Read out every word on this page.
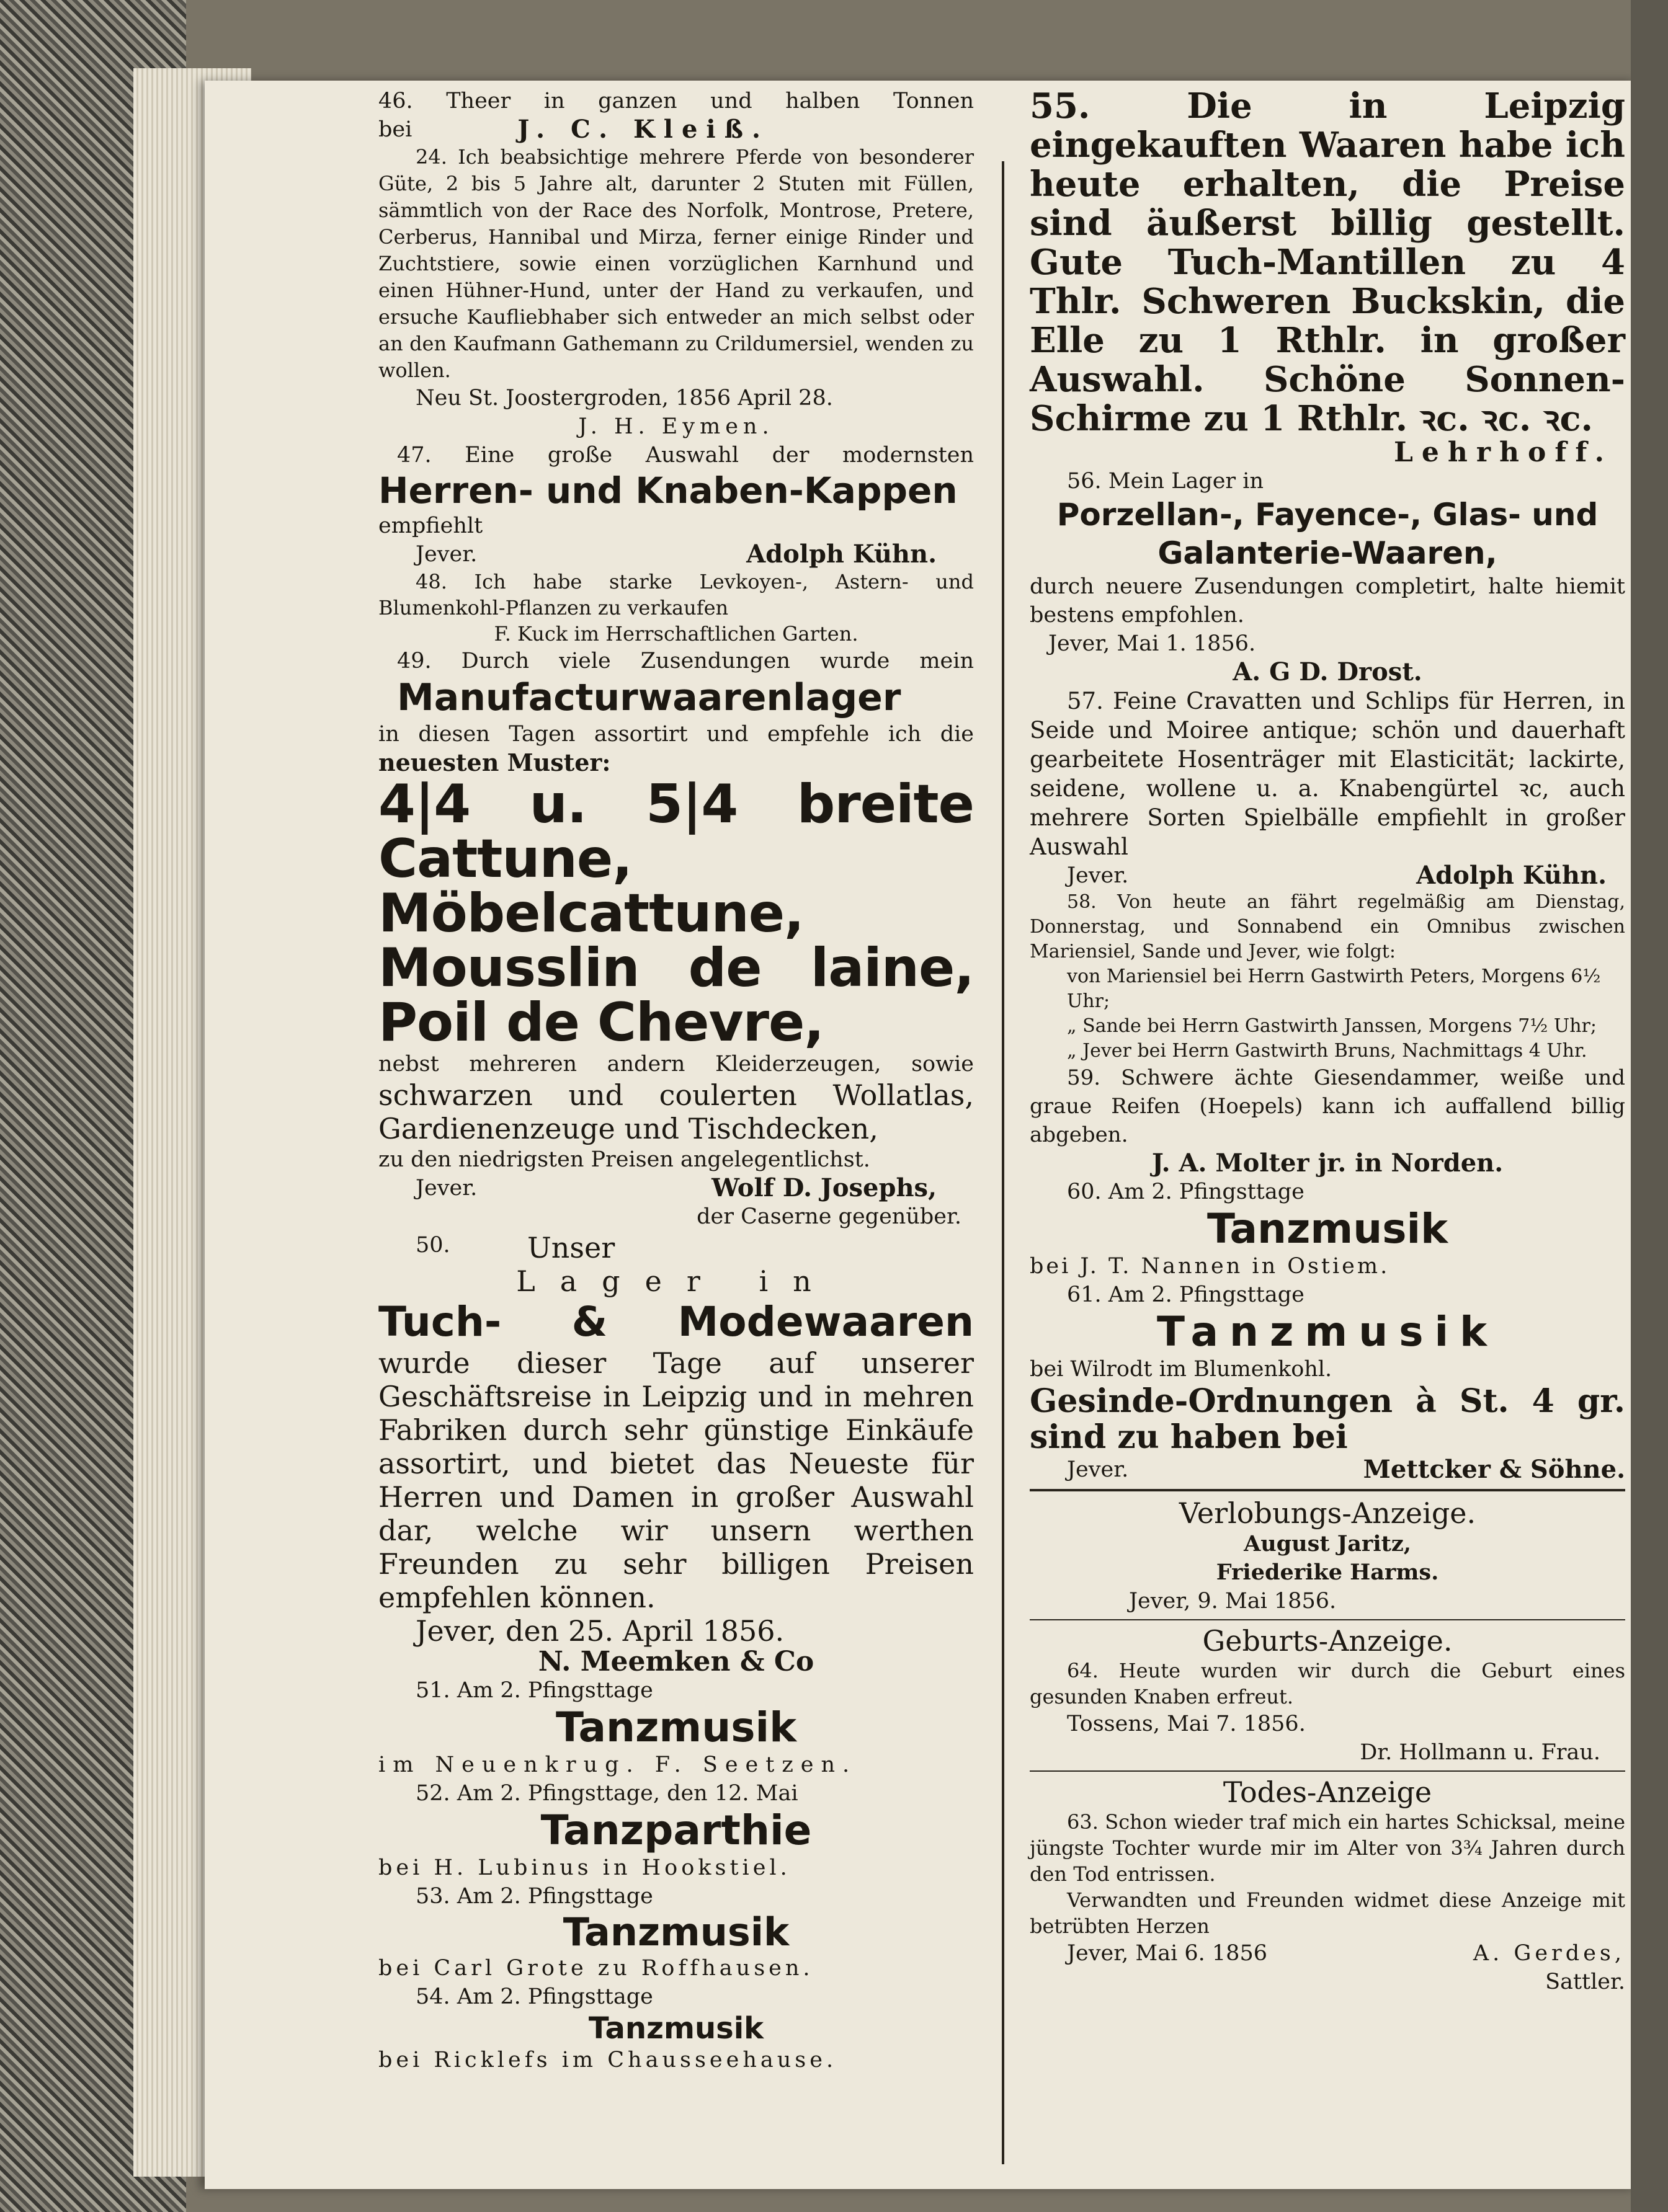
46. Theer in ganzen und halben Tonnen

bei	J. C. Kleiß.

24. Ich beabsichtige mehrere Pferde von besonderer Güte, 2 bis 5 Jahre alt, darunter 2 Stuten mit Füllen, sämmtlich von der Race des Norfolk, Montrose, Pretere, Cerberus, Hannibal und Mirza, ferner einige Rinder und Zuchtstiere, sowie einen vorzüglichen Karnhund und einen Hühner-Hund, unter der Hand zu verkaufen, und ersuche Kaufliebhaber sich entweder an mich selbst oder an den Kaufmann Gathemann zu Crildumersiel, wenden zu wollen.

Neu St. Joostergroden, 1856 April 28.

J. H. Eymen.

47. Eine große Auswahl der modernsten

Herren- und Knaben-Kappen

empfiehlt

Jever.	Adolph Kühn.

48. Ich habe starke Levkoyen-, Astern- und Blumenkohl-Pflanzen zu verkaufen

F. Kuck im Herrschaftlichen Garten.

49. Durch viele Zusendungen wurde mein

Manufacturwaarenlager

in diesen Tagen assortirt und empfehle ich die

neuesten Muster:

4|4 u. 5|4 breite Cattune, Möbelcattune, Mousslin de laine, Poil de Chevre,

nebst mehreren andern Kleiderzeugen, sowie

schwarzen und coulerten Wollatlas, Gardienenzeuge und Tischdecken,

zu den niedrigsten Preisen angelegentlichst.

Jever.	Wolf D. Josephs,

der Caserne gegenüber.

50.	Unser

Lager in

Tuch- & Modewaaren

wurde dieser Tage auf unserer Geschäftsreise in Leipzig und in mehren Fabriken durch sehr günstige Einkäufe assortirt, und bietet das Neueste für Herren und Damen in großer Auswahl dar, welche wir unsern werthen Freunden zu sehr billigen Preisen empfehlen können.

Jever, den 25. April 1856.

N. Meemken & Co

51. Am 2. Pfingsttage

Tanzmusik

im Neuenkrug. F. Seetzen.

52. Am 2. Pfingsttage, den 12. Mai

Tanzparthie

bei H. Lubinus in Hookstiel.

53. Am 2. Pfingsttage

Tanzmusik

bei Carl Grote zu Roffhausen.

54. Am 2. Pfingsttage

Tanzmusik

bei Ricklefs im Chausseehause.

55. Die in Leipzig eingekauften Waaren habe ich heute erhalten, die Preise sind äußerst billig gestellt. Gute Tuch-Mantillen zu 4 Thlr. Schweren Buckskin, die Elle zu 1 Rthlr. in großer Auswahl. Schöne Sonnen-Schirme zu 1 Rthlr. ꝛc. ꝛc. ꝛc.

Lehrhoff.

56. Mein Lager in

Porzellan-, Fayence-, Glas- und Galanterie-Waaren,

durch neuere Zusendungen completirt, halte hiemit bestens empfohlen.

Jever, Mai 1. 1856.

A. G D. Drost.

57. Feine Cravatten und Schlips für Herren, in Seide und Moiree antique; schön und dauerhaft gearbeitete Hosenträger mit Elasticität; lackirte, seidene, wollene u. a. Knabengürtel ꝛc, auch mehrere Sorten Spielbälle empfiehlt in großer Auswahl

Jever.	Adolph Kühn.

58. Von heute an fährt regelmäßig am Dienstag, Donnerstag, und Sonnabend ein Omnibus zwischen Mariensiel, Sande und Jever, wie folgt:

von Mariensiel bei Herrn Gastwirth Peters, Morgens 6½ Uhr;

„ Sande bei Herrn Gastwirth Janssen, Morgens 7½ Uhr;

„ Jever bei Herrn Gastwirth Bruns, Nachmittags 4 Uhr.

59. Schwere ächte Giesendammer, weiße und graue Reifen (Hoepels) kann ich auffallend billig abgeben.

J. A. Molter jr. in Norden.

60. Am 2. Pfingsttage

Tanzmusik

bei J. T. Nannen in Ostiem.

61. Am 2. Pfingsttage

Tanzmusik

bei Wilrodt im Blumenkohl.

Gesinde-Ordnungen à St. 4 gr. sind zu haben bei

Jever.	Mettcker & Söhne.

Verlobungs-Anzeige.

August Jaritz,

Friederike Harms.

Jever, 9. Mai 1856.

Geburts-Anzeige.

64. Heute wurden wir durch die Geburt eines gesunden Knaben erfreut.

Tossens, Mai 7. 1856.

Dr. Hollmann u. Frau.

Todes-Anzeige

63. Schon wieder traf mich ein hartes Schicksal, meine jüngste Tochter wurde mir im Alter von 3¾ Jahren durch den Tod entrissen.

Verwandten und Freunden widmet diese Anzeige mit betrübten Herzen

Jever, Mai 6. 1856	A. Gerdes,

Sattler.
